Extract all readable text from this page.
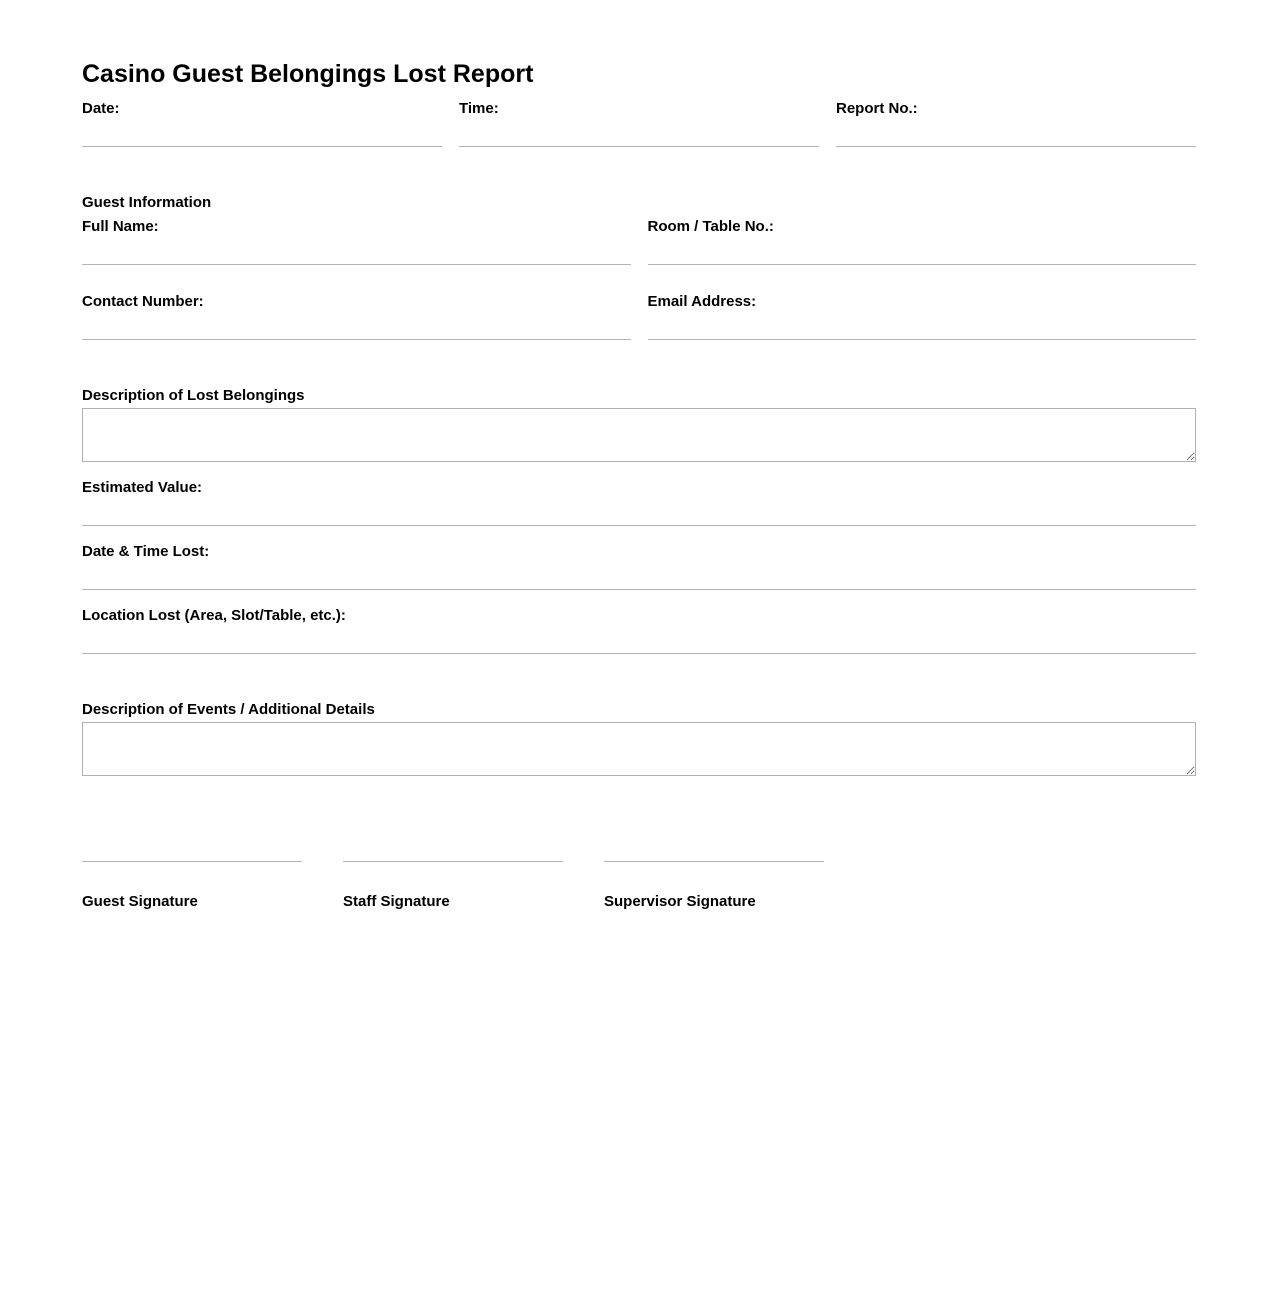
Casino Guest Belongings Lost Report
Date:	Time:	Report No.:
Guest Information
Full Name:	Room / Table No.:
Contact Number:	Email Address:
Description of Lost Belongings
Estimated Value:
Date & Time Lost:
Location Lost (Area, Slot/Table, etc.):
Description of Events / Additional Details
Guest Signature	Staff Signature	Supervisor Signature
